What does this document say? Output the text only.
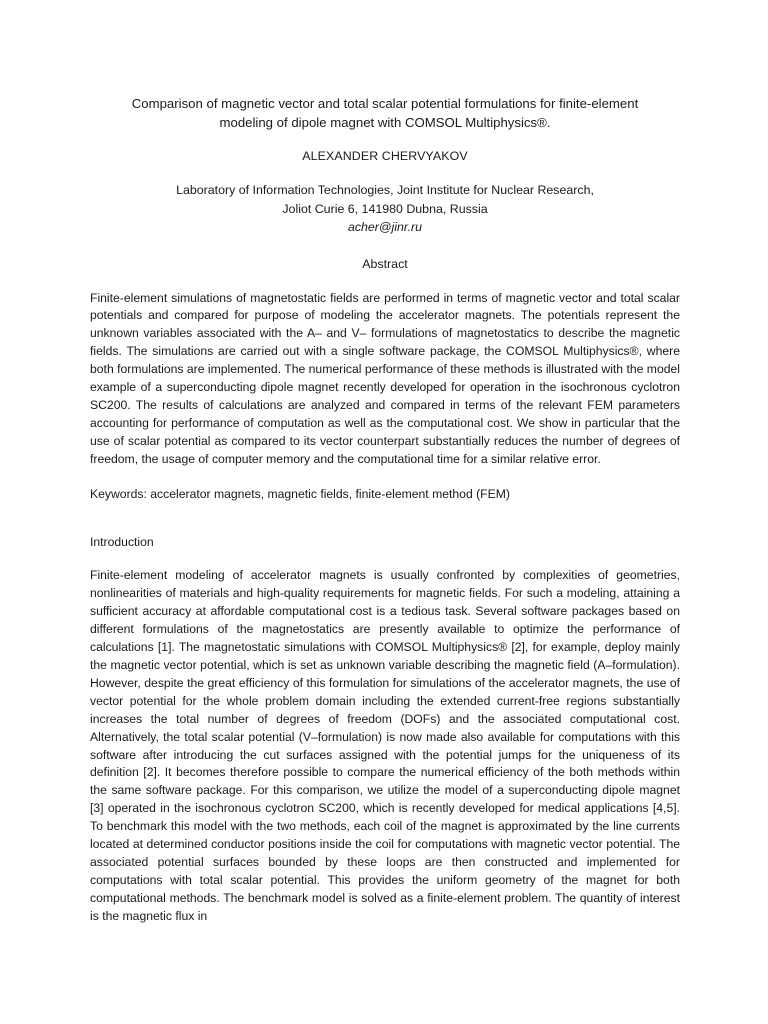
Comparison of magnetic vector and total scalar potential formulations for finite-element
modeling of dipole magnet with COMSOL Multiphysics®.
ALEXANDER CHERVYAKOV
Laboratory of Information Technologies, Joint Institute for Nuclear Research,
Joliot Curie 6, 141980 Dubna, Russia
acher@jinr.ru
Abstract

Finite-element simulations of magnetostatic fields are performed in terms of magnetic vector and total scalar potentials and compared for purpose of modeling the accelerator magnets. The potentials represent the unknown variables associated with the A– and V– formulations of magnetostatics to describe the magnetic fields. The simulations are carried out with a single software package, the COMSOL Multiphysics®, where both formulations are implemented. The numerical performance of these methods is illustrated with the model example of a superconducting dipole magnet recently developed for operation in the isochronous cyclotron SC200. The results of calculations are analyzed and compared in terms of the relevant FEM parameters accounting for performance of computation as well as the computational cost. We show in particular that the use of scalar potential as compared to its vector counterpart substantially reduces the number of degrees of freedom, the usage of computer memory and the computational time for a similar relative error.

Keywords: accelerator magnets, magnetic fields, finite-element method (FEM)

Introduction

Finite-element modeling of accelerator magnets is usually confronted by complexities of geometries, nonlinearities of materials and high-quality requirements for magnetic fields. For such a modeling, attaining a sufficient accuracy at affordable computational cost is a tedious task. Several software packages based on different formulations of the magnetostatics are presently available to optimize the performance of calculations [1]. The magnetostatic simulations with COMSOL Multiphysics® [2], for example, deploy mainly the magnetic vector potential, which is set as unknown variable describing the magnetic field (A–formulation). However, despite the great efficiency of this formulation for simulations of the accelerator magnets, the use of vector potential for the whole problem domain including the extended current-free regions substantially increases the total number of degrees of freedom (DOFs) and the associated computational cost. Alternatively, the total scalar potential (V–formulation) is now made also available for computations with this software after introducing the cut surfaces assigned with the potential jumps for the uniqueness of its definition [2]. It becomes therefore possible to compare the numerical efficiency of the both methods within the same software package. For this comparison, we utilize the model of a superconducting dipole magnet [3] operated in the isochronous cyclotron SC200, which is recently developed for medical applications [4,5]. To benchmark this model with the two methods, each coil of the magnet is approximated by the line currents located at determined conductor positions inside the coil for computations with magnetic vector potential. The associated potential surfaces bounded by these loops are then constructed and implemented for computations with total scalar potential. This provides the uniform geometry of the magnet for both computational methods. The benchmark model is solved as a finite-element problem. The quantity of interest is the magnetic flux in
